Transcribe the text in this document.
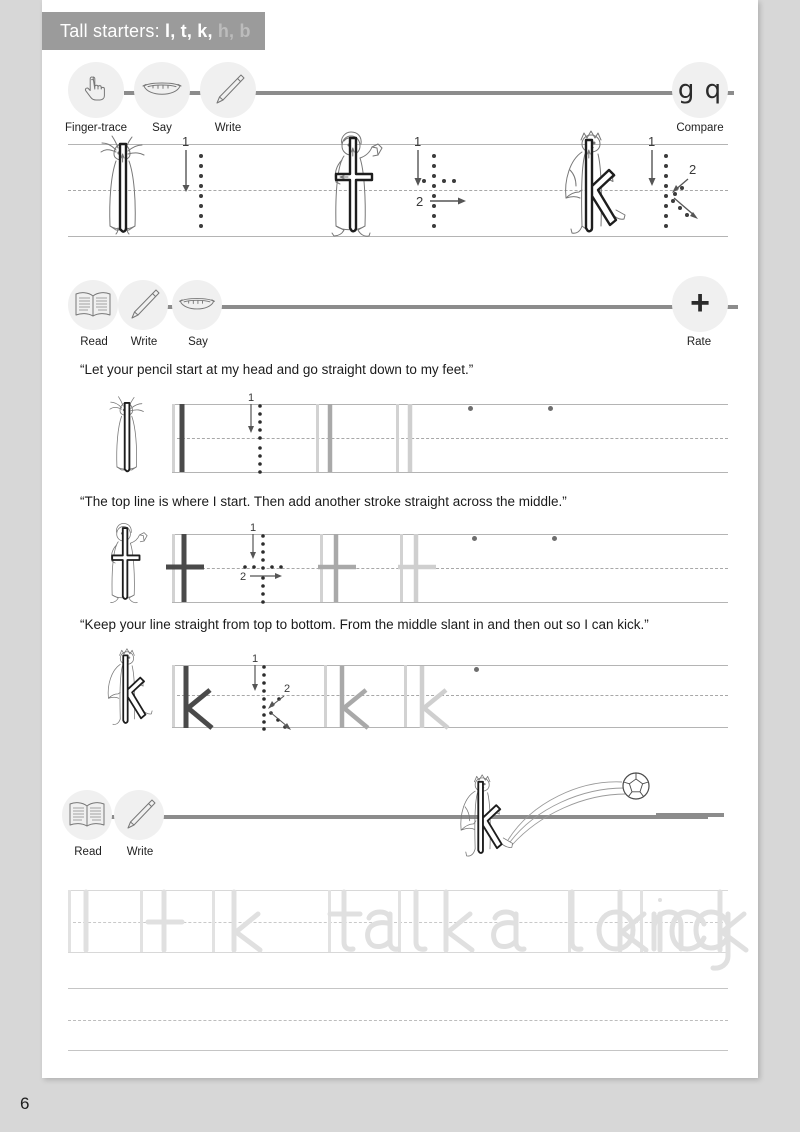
Tall starters: l, t, k, h, b
Finger-trace	Say	Write
g q
Compare
1	1
2
1
2
Read	Write	Say
+
Rate
“Let your pencil start at my head and go straight down to my feet.”
1
“The top line is where I start. Then add another stroke straight across the middle.”
1
2
“Keep your line straight from top to bottom. From the middle slant in and then out so I can kick.”
1
2
Read	Write
6
